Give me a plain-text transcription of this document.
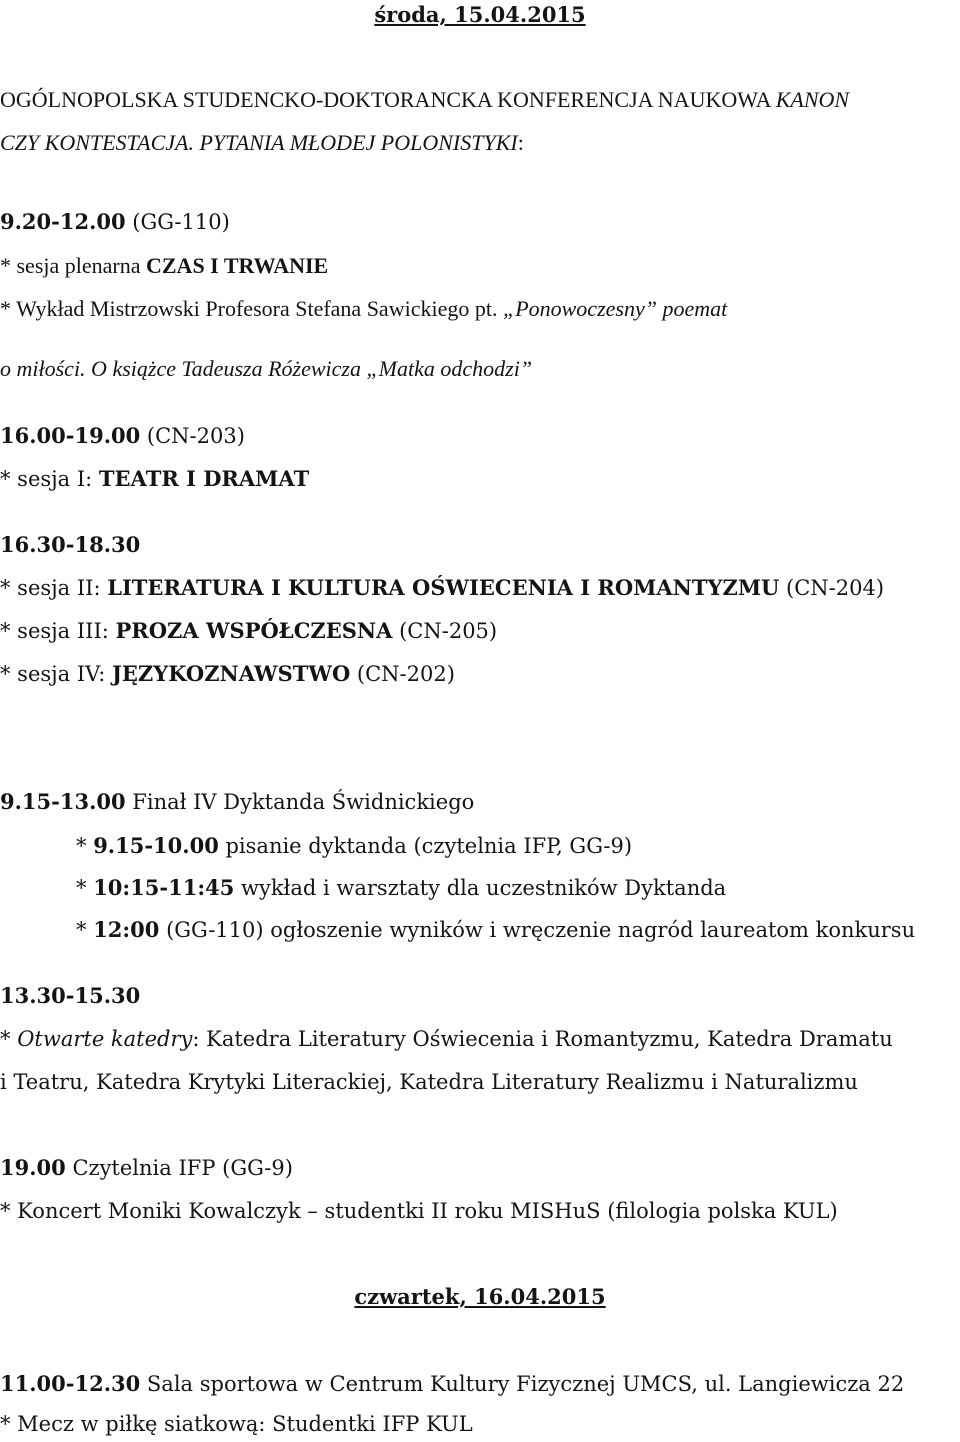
środa, 15.04.2015
OGÓLNOPOLSKA STUDENCKO-DOKTORANCKA KONFERENCJA NAUKOWA KANON
CZY KONTESTACJA. PYTANIA MŁODEJ POLONISTYKI:
9.20-12.00 (GG-110)
* sesja plenarna CZAS I TRWANIE
* Wykład Mistrzowski Profesora Stefana Sawickiego pt. „Ponowoczesny” poemat
o miłości. O książce Tadeusza Różewicza „Matka odchodzi”
16.00-19.00 (CN-203)
* sesja I: TEATR I DRAMAT
16.30-18.30
* sesja II: LITERATURA I KULTURA OŚWIECENIA I ROMANTYZMU (CN-204)
* sesja III: PROZA WSPÓŁCZESNA (CN-205)
* sesja IV: JĘZYKOZNAWSTWO (CN-202)
9.15-13.00 Finał IV Dyktanda Świdnickiego
* 9.15-10.00 pisanie dyktanda (czytelnia IFP, GG-9)
* 10:15-11:45 wykład i warsztaty dla uczestników Dyktanda
* 12:00 (GG-110) ogłoszenie wyników i wręczenie nagród laureatom konkursu
13.30-15.30
* Otwarte katedry: Katedra Literatury Oświecenia i Romantyzmu, Katedra Dramatu
i Teatru, Katedra Krytyki Literackiej, Katedra Literatury Realizmu i Naturalizmu
19.00 Czytelnia IFP (GG-9)
* Koncert Moniki Kowalczyk – studentki II roku MISHuS (filologia polska KUL)
czwartek, 16.04.2015
11.00-12.30 Sala sportowa w Centrum Kultury Fizycznej UMCS, ul. Langiewicza 22
* Mecz w piłkę siatkową: Studentki IFP KUL
